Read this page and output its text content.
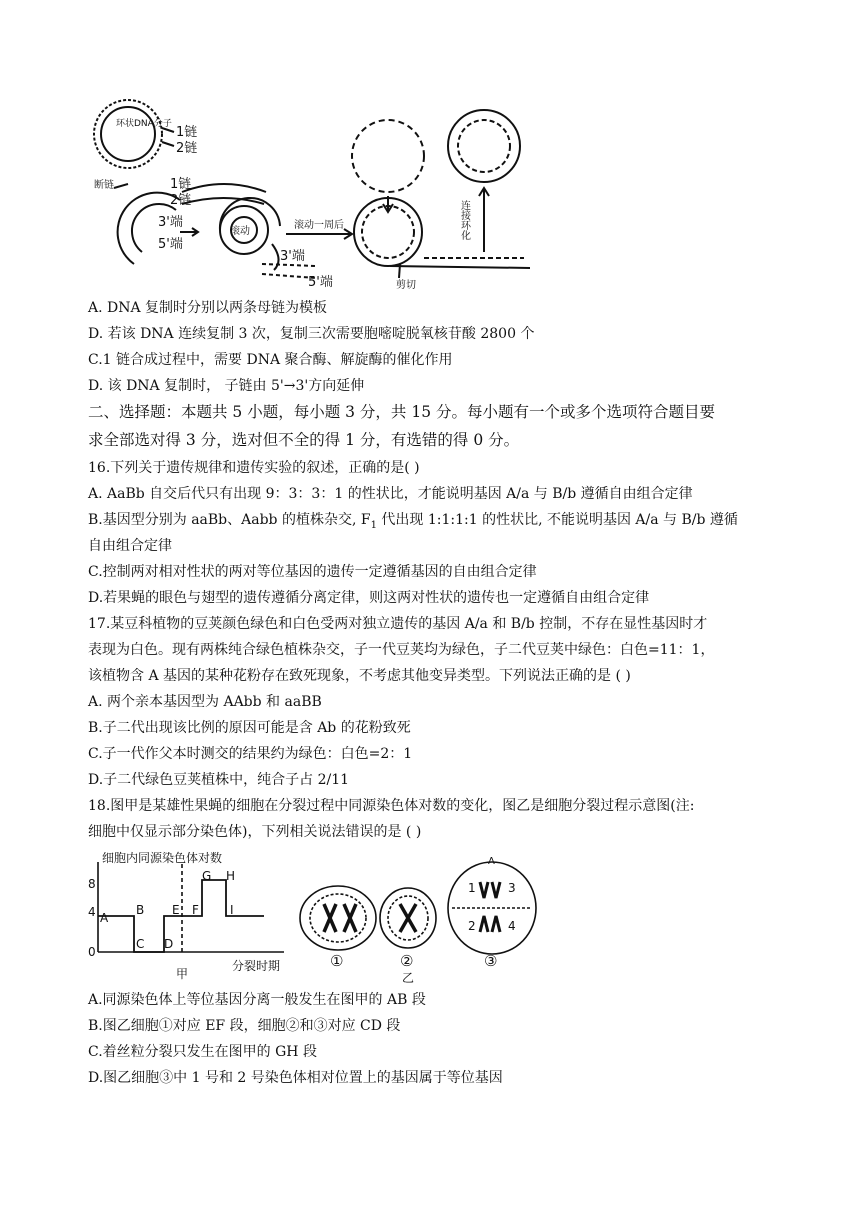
环状DNA分子
1链
2链
断链	1链
2链
3'端
5'端
滚动
滚动一周后
3'端
5'端	剪切
连接环化
A. DNA 复制时分别以两条母链为模板
D. 若该 DNA 连续复制 3 次，复制三次需要胞嘧啶脱氧核苷酸 2800 个
C.1 链合成过程中，需要 DNA 聚合酶、解旋酶的催化作用
D. 该 DNA 复制时， 子链由 5'→3'方向延伸
二、选择题：本题共 5 小题，每小题 3 分，共 15 分。每小题有一个或多个选项符合题目要
求全部选对得 3 分，选对但不全的得 1 分，有选错的得 0 分。
16.下列关于遗传规律和遗传实验的叙述，正确的是( )
A. AaBb 自交后代只有出现 9：3：3：1 的性状比，才能说明基因 A/a 与 B/b 遵循自由组合定律
B.基因型分别为 aaBb、Aabb 的植株杂交, $F_1$ 代出现 1:1:1:1 的性状比, 不能说明基因 A/a 与 B/b 遵循
自由组合定律
C.控制两对相对性状的两对等位基因的遗传一定遵循基因的自由组合定律
D.若果蝇的眼色与翅型的遗传遵循分离定律，则这两对性状的遗传也一定遵循自由组合定律
17.某豆科植物的豆荚颜色绿色和白色受两对独立遗传的基因 A/a 和 B/b 控制，不存在显性基因时才
表现为白色。现有两株纯合绿色植株杂交，子一代豆荚均为绿色，子二代豆荚中绿色：白色=11：1，
该植物含 A 基因的某种花粉存在致死现象，不考虑其他变异类型。下列说法正确的是 ( )
A. 两个亲本基因型为 AAbb 和 aaBB
B.子二代出现该比例的原因可能是含 Ab 的花粉致死
C.子一代作父本时测交的结果约为绿色：白色=2：1
D.子二代绿色豆荚植株中，纯合子占 2/11
18.图甲是某雄性果蝇的细胞在分裂过程中同源染色体对数的变化，图乙是细胞分裂过程示意图(注:
细胞中仅显示部分染色体)，下列相关说法错误的是 ( )
细胞内同源染色体对数
8
4
0
A
B
C D
E F
G H
I
分裂时期
甲
A
1	3
2	4
①	②	③
乙
A.同源染色体上等位基因分离一般发生在图甲的 AB 段
B.图乙细胞①对应 EF 段，细胞②和③对应 CD 段
C.着丝粒分裂只发生在图甲的 GH 段
D.图乙细胞③中 1 号和 2 号染色体相对位置上的基因属于等位基因
